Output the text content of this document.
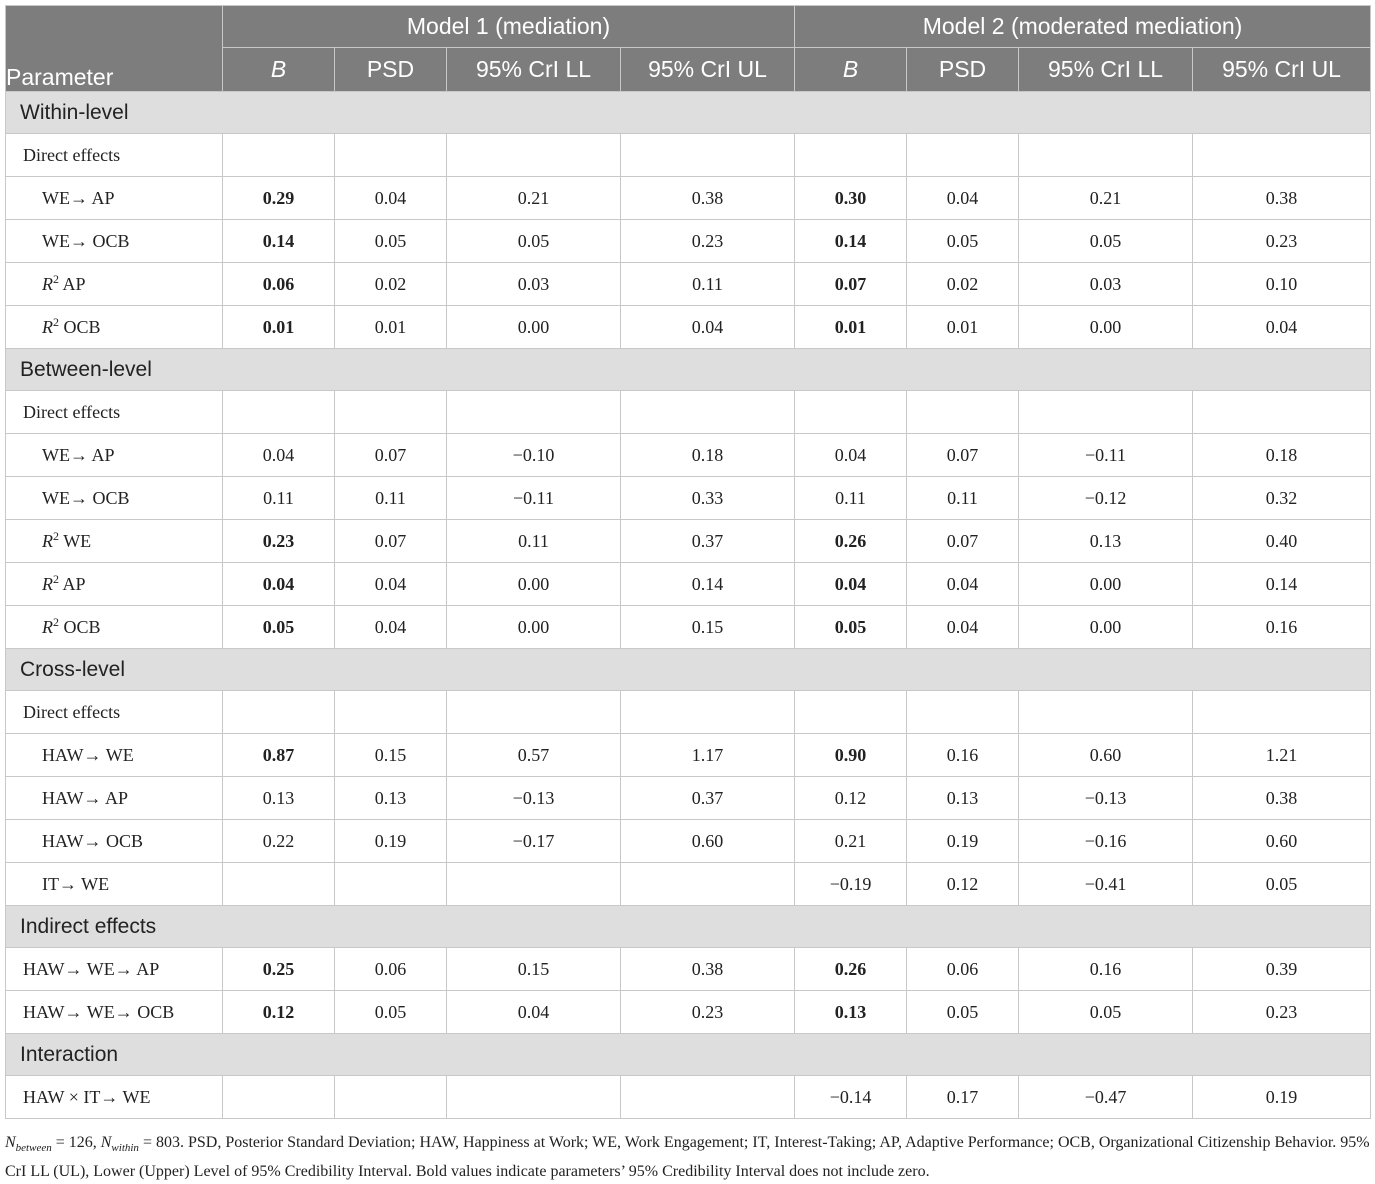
Parameter	Model 1 (mediation)				Model 2 (moderated mediation)			
	B	PSD	95% CrI LL	95% CrI UL	B	PSD	95% CrI LL	95% CrI UL
Within-level								
Direct effects								
WE→ AP	0.29	0.04	0.21	0.38	0.30	0.04	0.21	0.38
WE→ OCB	0.14	0.05	0.05	0.23	0.14	0.05	0.05	0.23
$R^2$ AP	0.06	0.02	0.03	0.11	0.07	0.02	0.03	0.10
$R^2$ OCB	0.01	0.01	0.00	0.04	0.01	0.01	0.00	0.04
Between-level								
Direct effects								
WE→ AP	0.04	0.07	−0.10	0.18	0.04	0.07	−0.11	0.18
WE→ OCB	0.11	0.11	−0.11	0.33	0.11	0.11	−0.12	0.32
$R^2$ WE	0.23	0.07	0.11	0.37	0.26	0.07	0.13	0.40
$R^2$ AP	0.04	0.04	0.00	0.14	0.04	0.04	0.00	0.14
$R^2$ OCB	0.05	0.04	0.00	0.15	0.05	0.04	0.00	0.16
Cross-level								
Direct effects								
HAW→ WE	0.87	0.15	0.57	1.17	0.90	0.16	0.60	1.21
HAW→ AP	0.13	0.13	−0.13	0.37	0.12	0.13	−0.13	0.38
HAW→ OCB	0.22	0.19	−0.17	0.60	0.21	0.19	−0.16	0.60
IT→ WE					−0.19	0.12	−0.41	0.05
Indirect effects								
HAW→ WE→ AP	0.25	0.06	0.15	0.38	0.26	0.06	0.16	0.39
HAW→ WE→ OCB	0.12	0.05	0.04	0.23	0.13	0.05	0.05	0.23
Interaction								
HAW × IT→ WE					−0.14	0.17	−0.47	0.19
$N_{between} = 126$, $N_{within} = 803$. PSD, Posterior Standard Deviation; HAW, Happiness at Work; WE, Work Engagement; IT, Interest-Taking; AP, Adaptive Performance; OCB, Organizational Citizenship Behavior. 95% CrI LL (UL), Lower (Upper) Level of 95% Credibility Interval. Bold values indicate parameters’ 95% Credibility Interval does not include zero.
